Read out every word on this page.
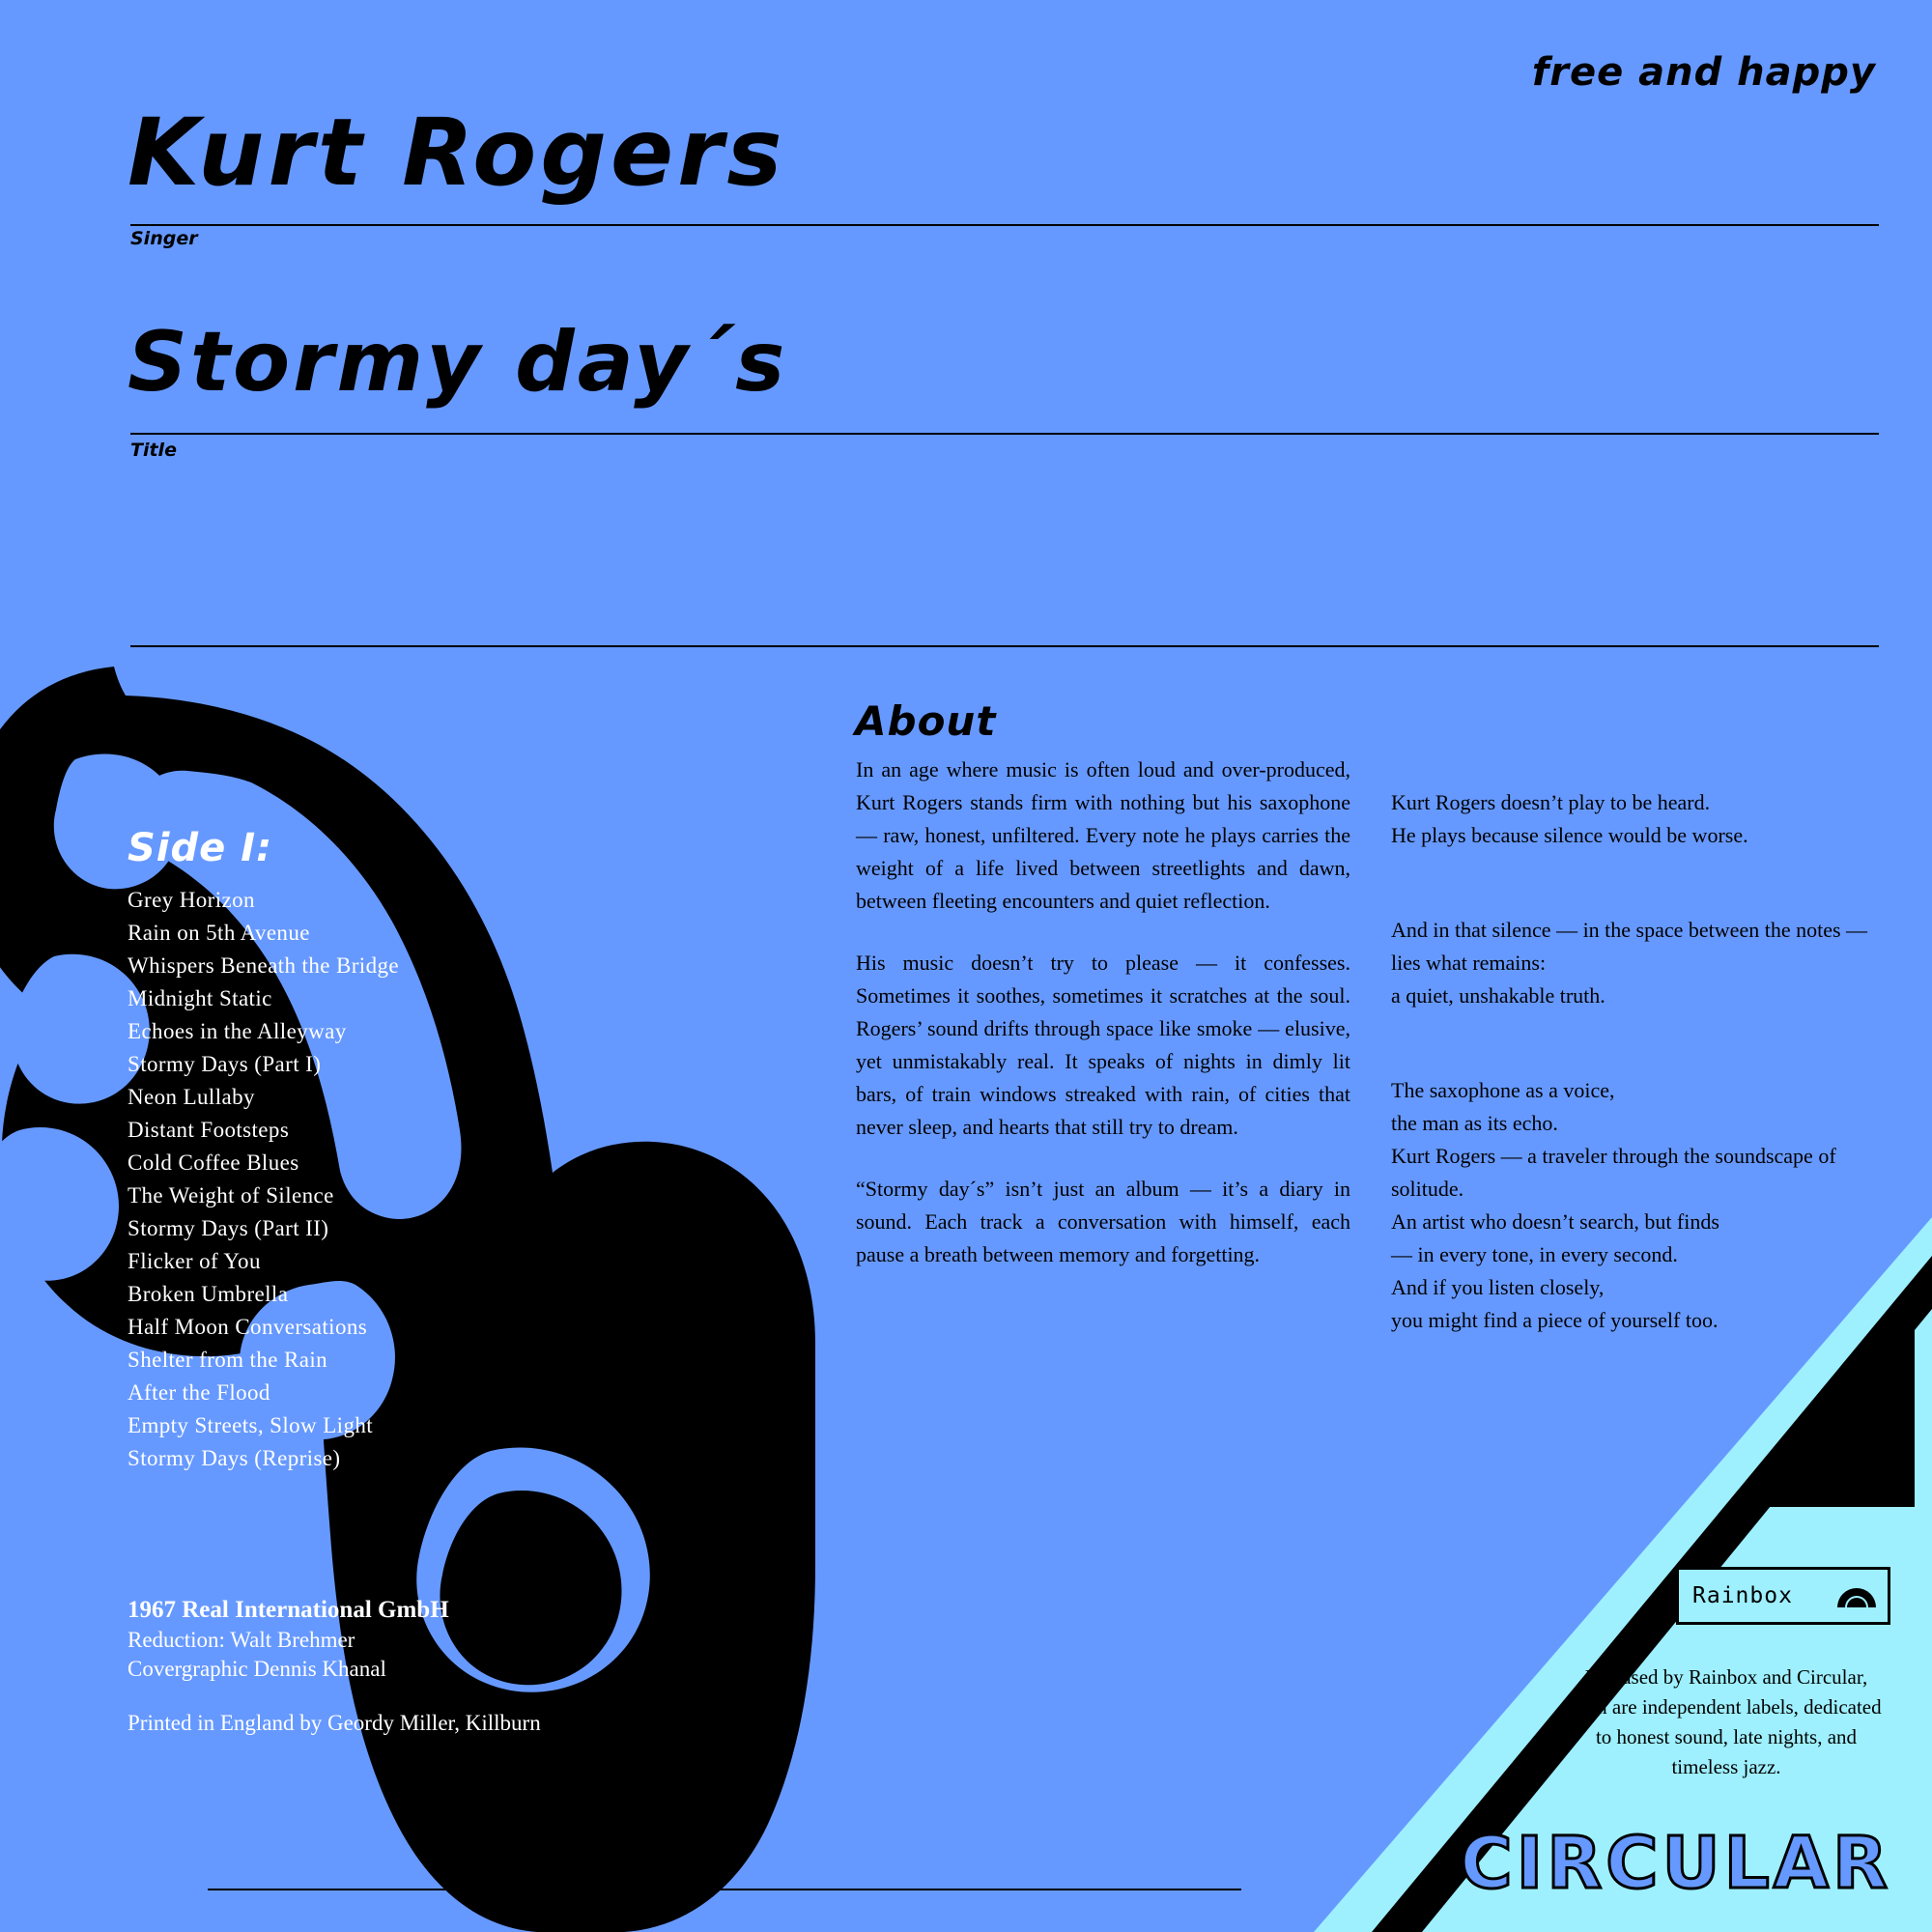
free and happy
Kurt Rogers
Singer
Stormy day´s
Title
Side I:
Grey Horizon
Rain on 5th Avenue
Whispers Beneath the Bridge
Midnight Static
Echoes in the Alleyway
Stormy Days (Part I)
Neon Lullaby
Distant Footsteps
Cold Coffee Blues
The Weight of Silence
Stormy Days (Part II)
Flicker of You
Broken Umbrella
Half Moon Conversations
Shelter from the Rain
After the Flood
Empty Streets, Slow Light
Stormy Days (Reprise)
1967 Real International GmbH
Reduction: Walt Brehmer
Covergraphic Dennis Khanal
Printed in England by Geordy Miller, Killburn
About

In an age where music is often loud and over-produced, Kurt Rogers stands firm with nothing but his saxophone — raw, honest, unfiltered. Every note he plays carries the weight of a life lived between streetlights and dawn, between fleeting encounters and quiet reflection.

His music doesn’t try to please — it confesses. Sometimes it soothes, sometimes it scratches at the soul. Rogers’ sound drifts through space like smoke — elusive, yet unmistakably real. It speaks of nights in dimly lit bars, of train windows streaked with rain, of cities that never sleep, and hearts that still try to dream.

“Stormy day´s” isn’t just an album — it’s a diary in sound. Each track a conversation with himself, each pause a breath between memory and forgetting.

Kurt Rogers doesn’t play to be heard.
He plays because silence would be worse.

And in that silence — in the space between the notes — lies what remains:
a quiet, unshakable truth.

The saxophone as a voice,
the man as its echo.
Kurt Rogers — a traveler through the soundscape of solitude.
An artist who doesn’t search, but finds
— in every tone, in every second.
And if you listen closely,
you might find a piece of yourself too.

Rainbox
Released by Rainbox and Circular, both are independent labels, dedicated to honest sound, late nights, and timeless jazz.
CIRCULAR
